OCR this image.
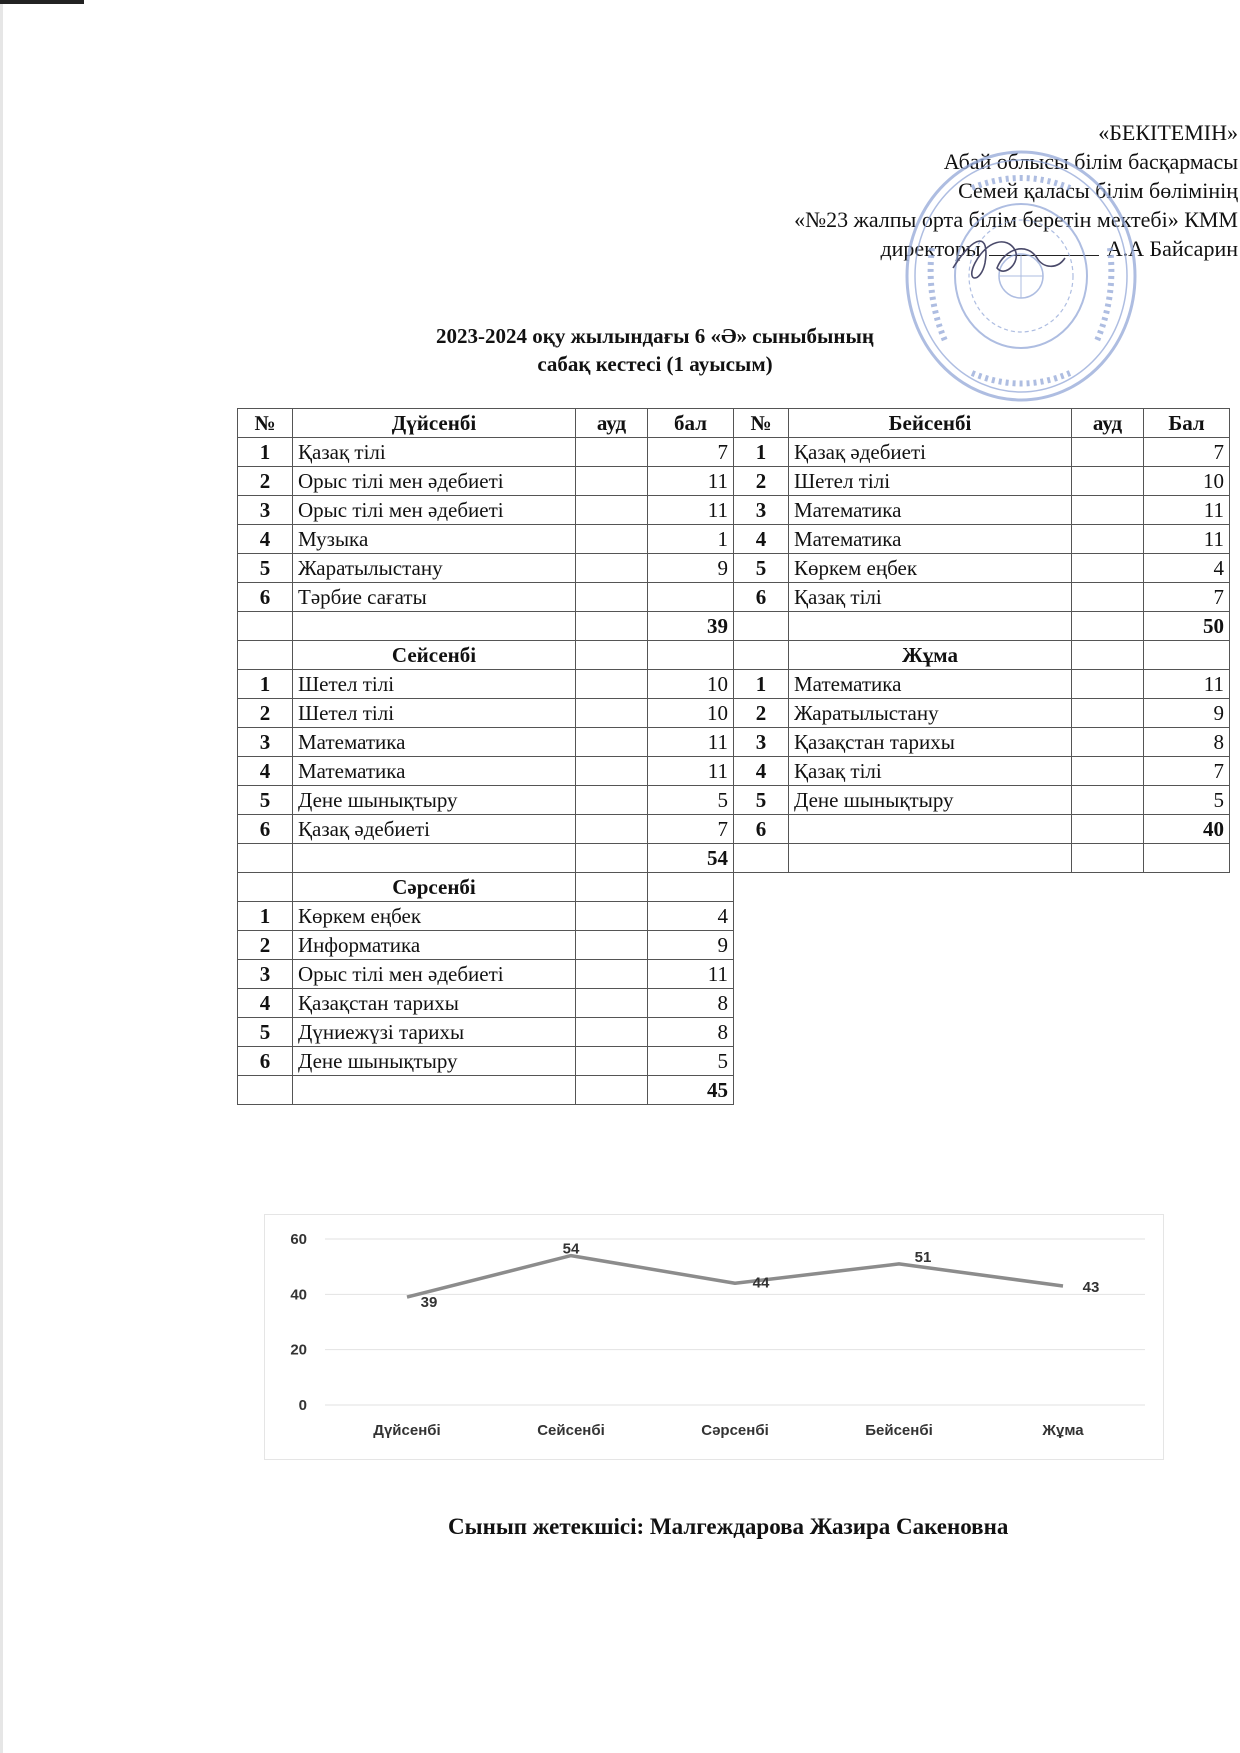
«БЕКІТЕМІН»
Абай облысы білім басқармасы
Семей қаласы білім бөлімінің
«№23 жалпы орта білім беретін мектебі» КММ
директоры	А.А Байсарин
2023-2024 оқу жылындағы 6 «Ә» сыныбының
сабақ кестесі (1 ауысым)
№	Дүйсенбі	ауд	бал
1	Қазақ тілі		7
2	Орыс тілі мен әдебиеті		11
3	Орыс тілі мен әдебиеті		11
4	Музыка		1
5	Жаратылыстану		9
6	Тәрбие сағаты		
			39
	Сейсенбі		
1	Шетел тілі		10
2	Шетел тілі		10
3	Математика		11
4	Математика		11
5	Дене шынықтыру		5
6	Қазақ әдебиеті		7
			54
	Сәрсенбі		
1	Көркем еңбек		4
2	Информатика		9
3	Орыс тілі мен әдебиеті		11
4	Қазақстан тарихы		8
5	Дүниежүзі тарихы		8
6	Дене шынықтыру		5
			45
№	Бейсенбі	ауд	Бал
1	Қазақ әдебиеті		7
2	Шетел тілі		10
3	Математика		11
4	Математика		11
5	Көркем еңбек		4
6	Қазақ тілі		7
			50
	Жұма		
1	Математика		11
2	Жаратылыстану		9
3	Қазақстан тарихы		8
4	Қазақ тілі		7
5	Дене шынықтыру		5
6			40

0
20
40
60
Дүйсенбі	Сейсенбі	Сәрсенбі	Бейсенбі	Жұма
39
54
44
51
43
Сынып жетекшісі: Малгеждарова Жазира Сакеновна
